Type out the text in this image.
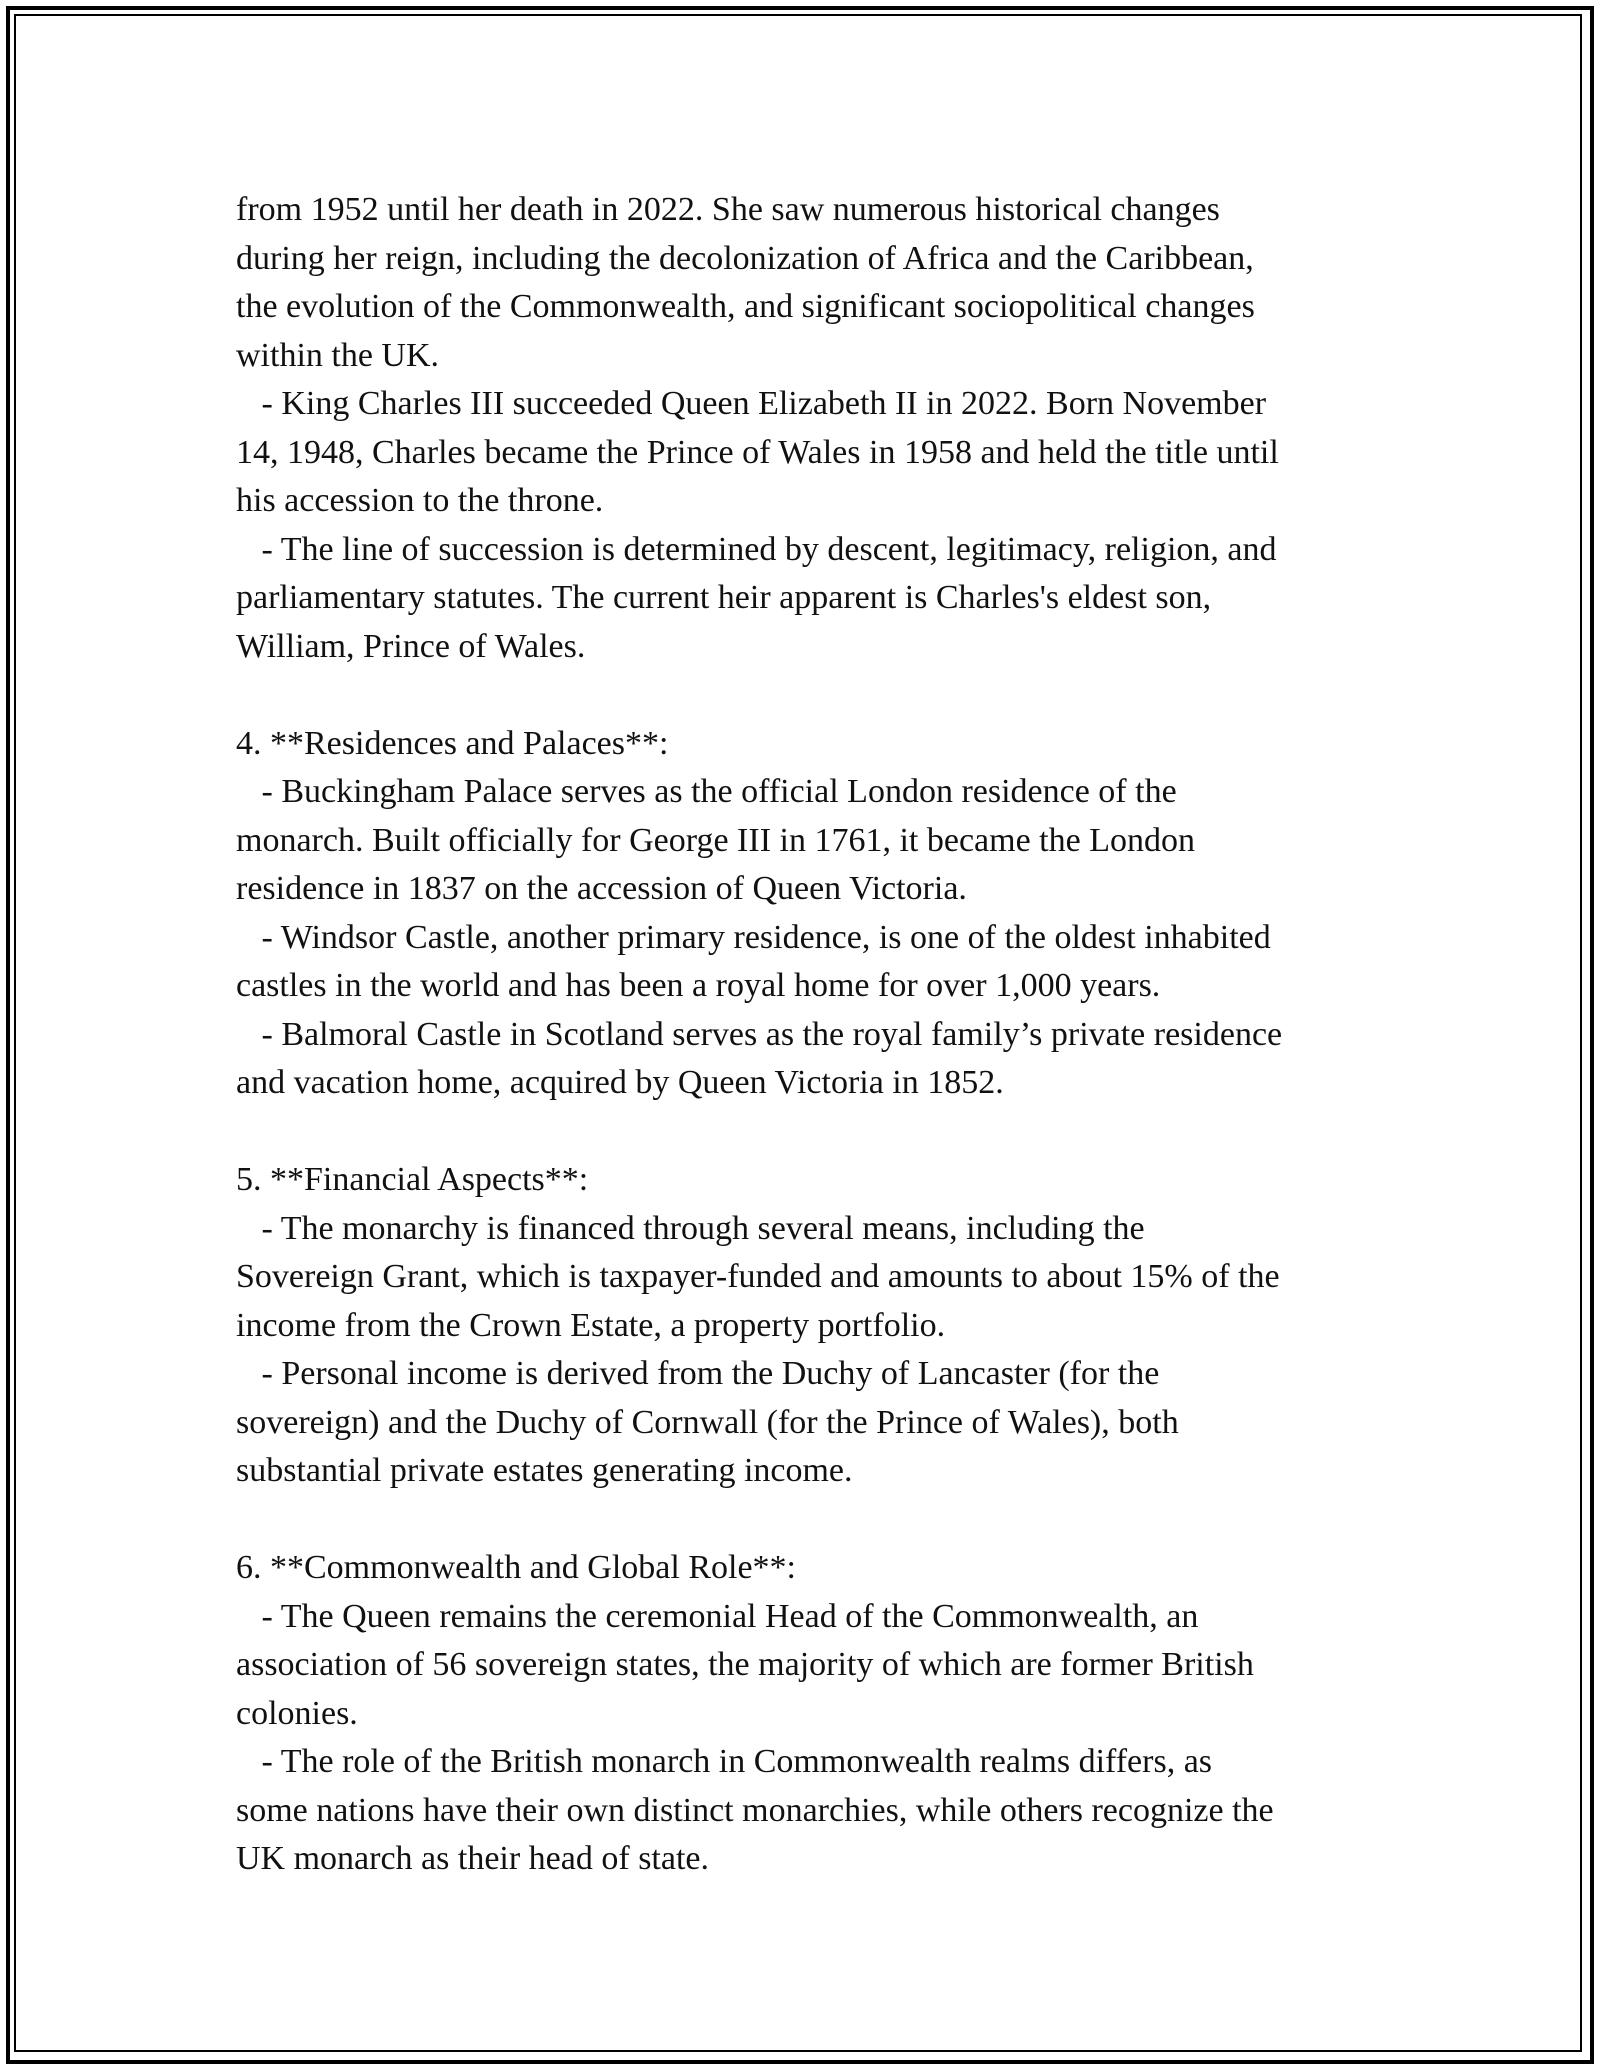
from 1952 until her death in 2022. She saw numerous historical changes
during her reign, including the decolonization of Africa and the Caribbean,
the evolution of the Commonwealth, and significant sociopolitical changes
within the UK.
- King Charles III succeeded Queen Elizabeth II in 2022. Born November
14, 1948, Charles became the Prince of Wales in 1958 and held the title until
his accession to the throne.
- The line of succession is determined by descent, legitimacy, religion, and
parliamentary statutes. The current heir apparent is Charles's eldest son,
William, Prince of Wales.
4. **Residences and Palaces**:
- Buckingham Palace serves as the official London residence of the
monarch. Built officially for George III in 1761, it became the London
residence in 1837 on the accession of Queen Victoria.
- Windsor Castle, another primary residence, is one of the oldest inhabited
castles in the world and has been a royal home for over 1,000 years.
- Balmoral Castle in Scotland serves as the royal family’s private residence
and vacation home, acquired by Queen Victoria in 1852.
5. **Financial Aspects**:
- The monarchy is financed through several means, including the
Sovereign Grant, which is taxpayer-funded and amounts to about 15% of the
income from the Crown Estate, a property portfolio.
- Personal income is derived from the Duchy of Lancaster (for the
sovereign) and the Duchy of Cornwall (for the Prince of Wales), both
substantial private estates generating income.
6. **Commonwealth and Global Role**:
- The Queen remains the ceremonial Head of the Commonwealth, an
association of 56 sovereign states, the majority of which are former British
colonies.
- The role of the British monarch in Commonwealth realms differs, as
some nations have their own distinct monarchies, while others recognize the
UK monarch as their head of state.
